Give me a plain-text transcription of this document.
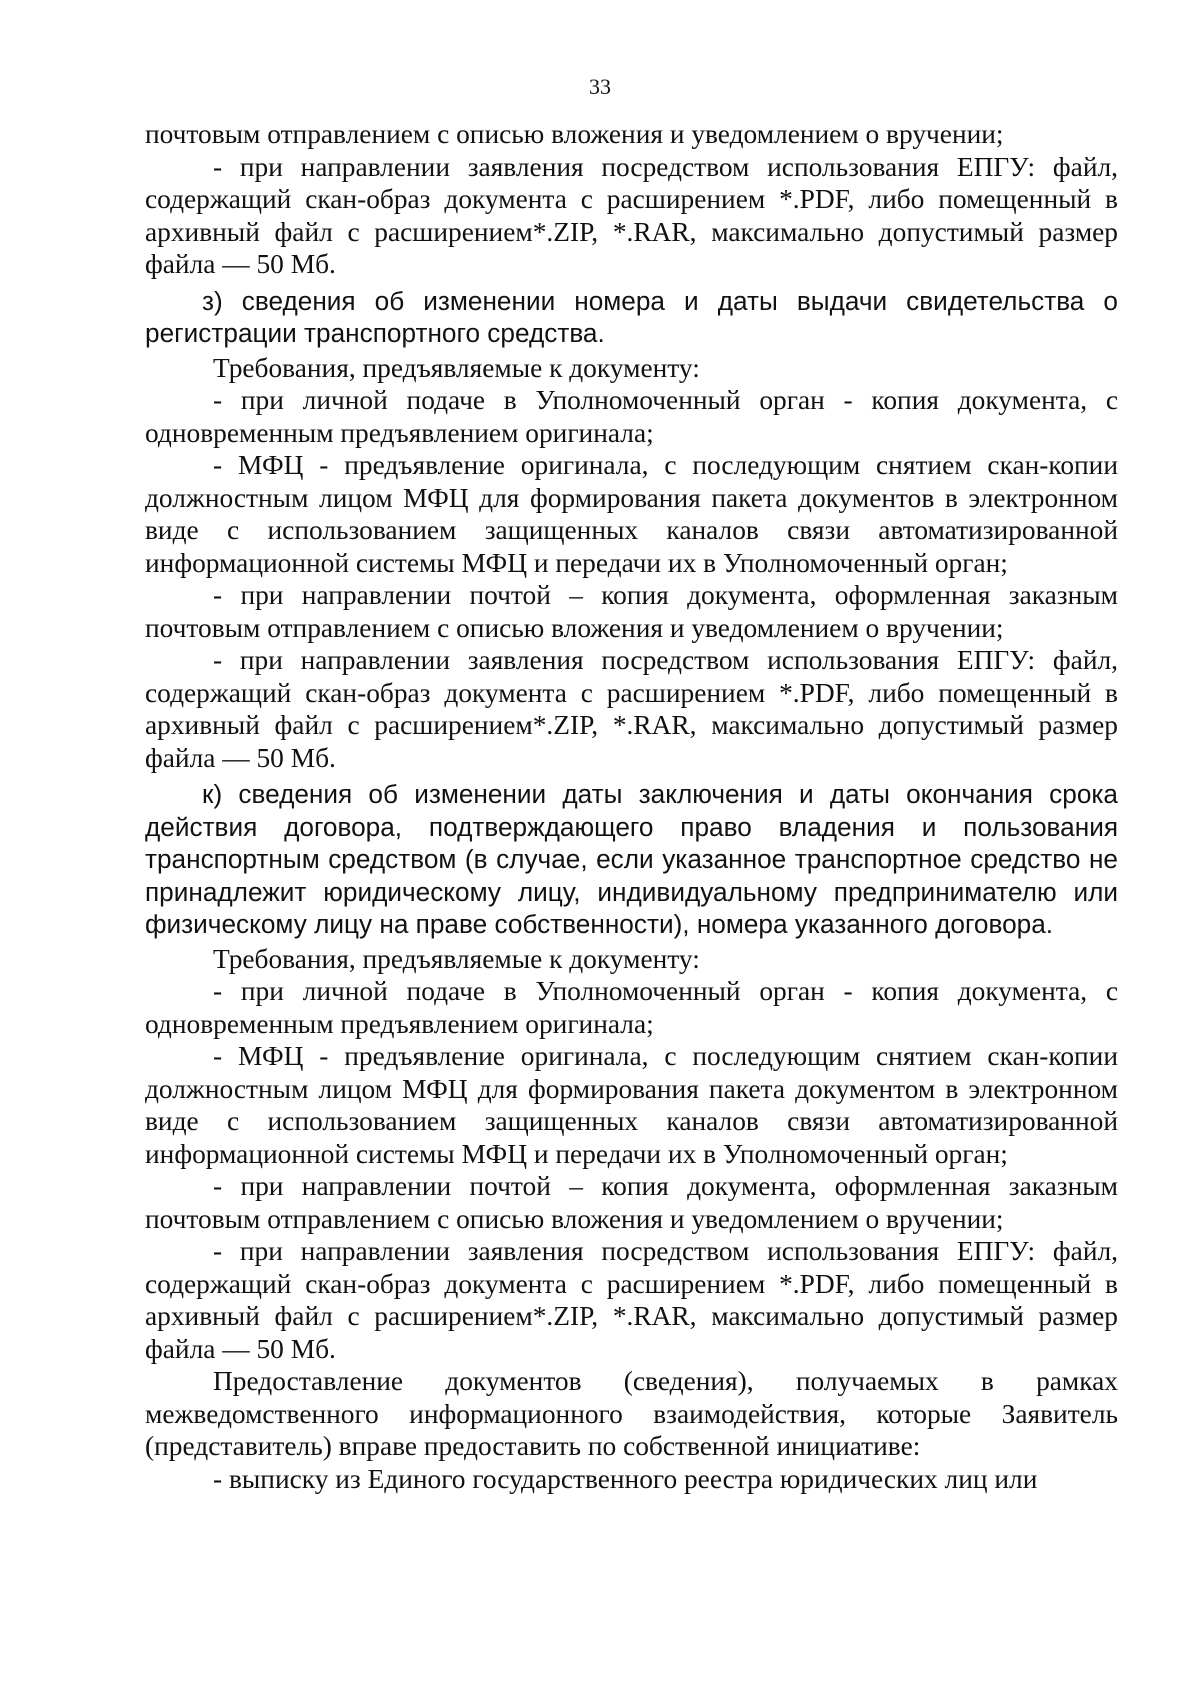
33

почтовым отправлением с описью вложения и уведомлением о вручении;

- при направлении заявления посредством использования ЕПГУ: файл, содержащий скан-образ документа с расширением *.PDF, либо помещенный в архивный файл с расширением*.ZIP, *.RAR, максимально допустимый размер файла — 50 Мб.

з) сведения об изменении номера и даты выдачи свидетельства о регистрации транспортного средства.

Требования, предъявляемые к документу:

- при личной подаче в Уполномоченный орган - копия документа, с одновременным предъявлением оригинала;

- МФЦ - предъявление оригинала, с последующим снятием скан-копии должностным лицом МФЦ для формирования пакета документов в электронном виде с использованием защищенных каналов связи автоматизированной информационной системы МФЦ и передачи их в Уполномоченный орган;

- при направлении почтой – копия документа, оформленная заказным почтовым отправлением с описью вложения и уведомлением о вручении;

- при направлении заявления посредством использования ЕПГУ: файл, содержащий скан-образ документа с расширением *.PDF, либо помещенный в архивный файл с расширением*.ZIP, *.RAR, максимально допустимый размер файла — 50 Мб.

к) сведения об изменении даты заключения и даты окончания срока действия договора, подтверждающего право владения и пользования транспортным средством (в случае, если указанное транспортное средство не принадлежит юридическому лицу, индивидуальному предпринимателю или физическому лицу на праве собственности), номера указанного договора.

Требования, предъявляемые к документу:

- при личной подаче в Уполномоченный орган - копия документа, с одновременным предъявлением оригинала;

- МФЦ - предъявление оригинала, с последующим снятием скан-копии должностным лицом МФЦ для формирования пакета документом в электронном виде с использованием защищенных каналов связи автоматизированной информационной системы МФЦ и передачи их в Уполномоченный орган;

- при направлении почтой – копия документа, оформленная заказным почтовым отправлением с описью вложения и уведомлением о вручении;

- при направлении заявления посредством использования ЕПГУ: файл, содержащий скан-образ документа с расширением *.PDF, либо помещенный в архивный файл с расширением*.ZIP, *.RAR, максимально допустимый размер файла — 50 Мб.

Предоставление документов (сведения), получаемых в рамках межведомственного информационного взаимодействия, которые Заявитель (представитель) вправе предоставить по собственной инициативе:

- выписку из Единого государственного реестра юридических лиц или
